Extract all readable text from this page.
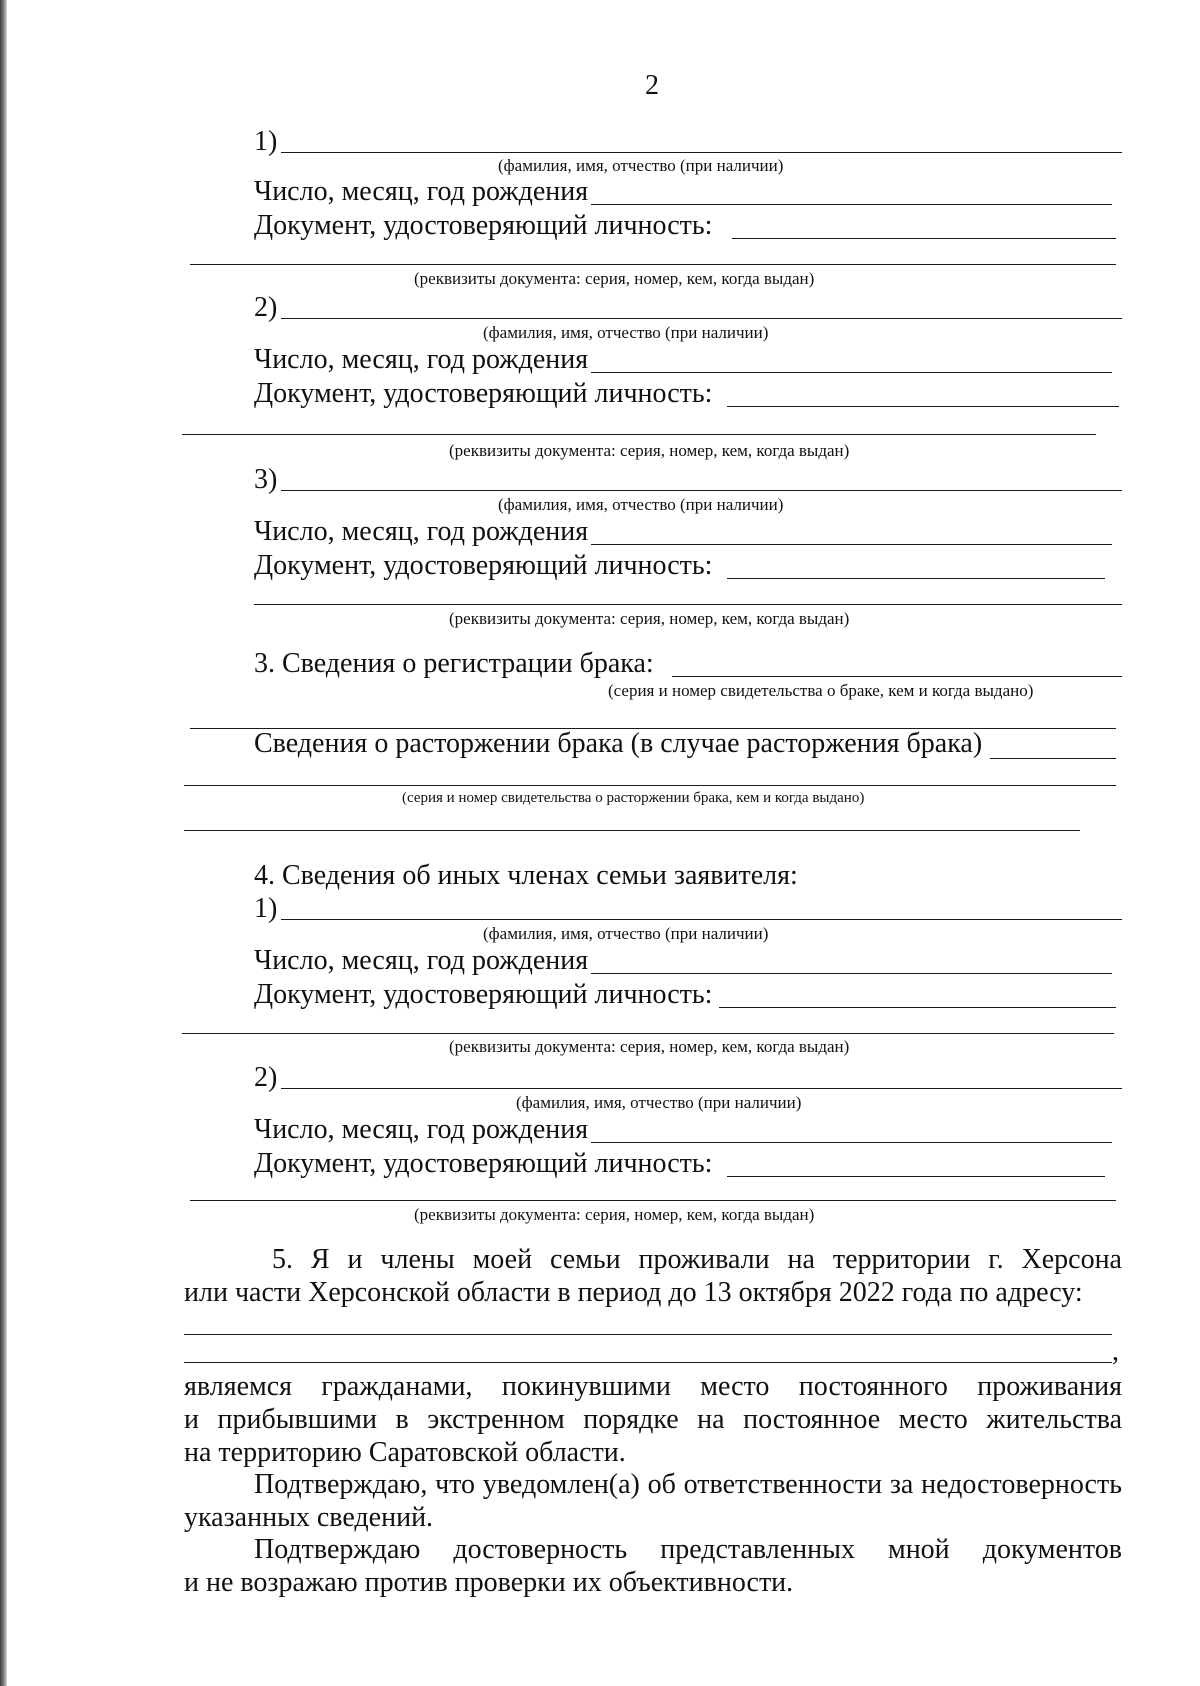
2
1)
(фамилия, имя, отчество (при наличии)
Число, месяц, год рождения
Документ, удостоверяющий личность:
(реквизиты документа: серия, номер, кем, когда выдан)
2)
(фамилия, имя, отчество (при наличии)
Число, месяц, год рождения
Документ, удостоверяющий личность:
(реквизиты документа: серия, номер, кем, когда выдан)
3)
(фамилия, имя, отчество (при наличии)
Число, месяц, год рождения
Документ, удостоверяющий личность:
(реквизиты документа: серия, номер, кем, когда выдан)
3. Сведения о регистрации брака:
(серия и номер свидетельства о браке, кем и когда выдано)
Сведения о расторжении брака (в случае расторжения брака)
(серия и номер свидетельства о расторжении брака, кем и когда выдано)
4. Сведения об иных членах семьи заявителя:
1)
(фамилия, имя, отчество (при наличии)
Число, месяц, год рождения
Документ, удостоверяющий личность:
(реквизиты документа: серия, номер, кем, когда выдан)
2)
(фамилия, имя, отчество (при наличии)
Число, месяц, год рождения
Документ, удостоверяющий личность:
(реквизиты документа: серия, номер, кем, когда выдан)
5. Я и члены моей семьи проживали на территории г. Херсона
или части Херсонской области в период до 13 октября 2022 года по адресу:
,
являемся гражданами, покинувшими место постоянного проживания
и прибывшими в экстренном порядке на постоянное место жительства
на территорию Саратовской области.
Подтверждаю, что уведомлен(а) об ответственности за недостоверность
указанных сведений.
Подтверждаю достоверность представленных мной документов
и не возражаю против проверки их объективности.
